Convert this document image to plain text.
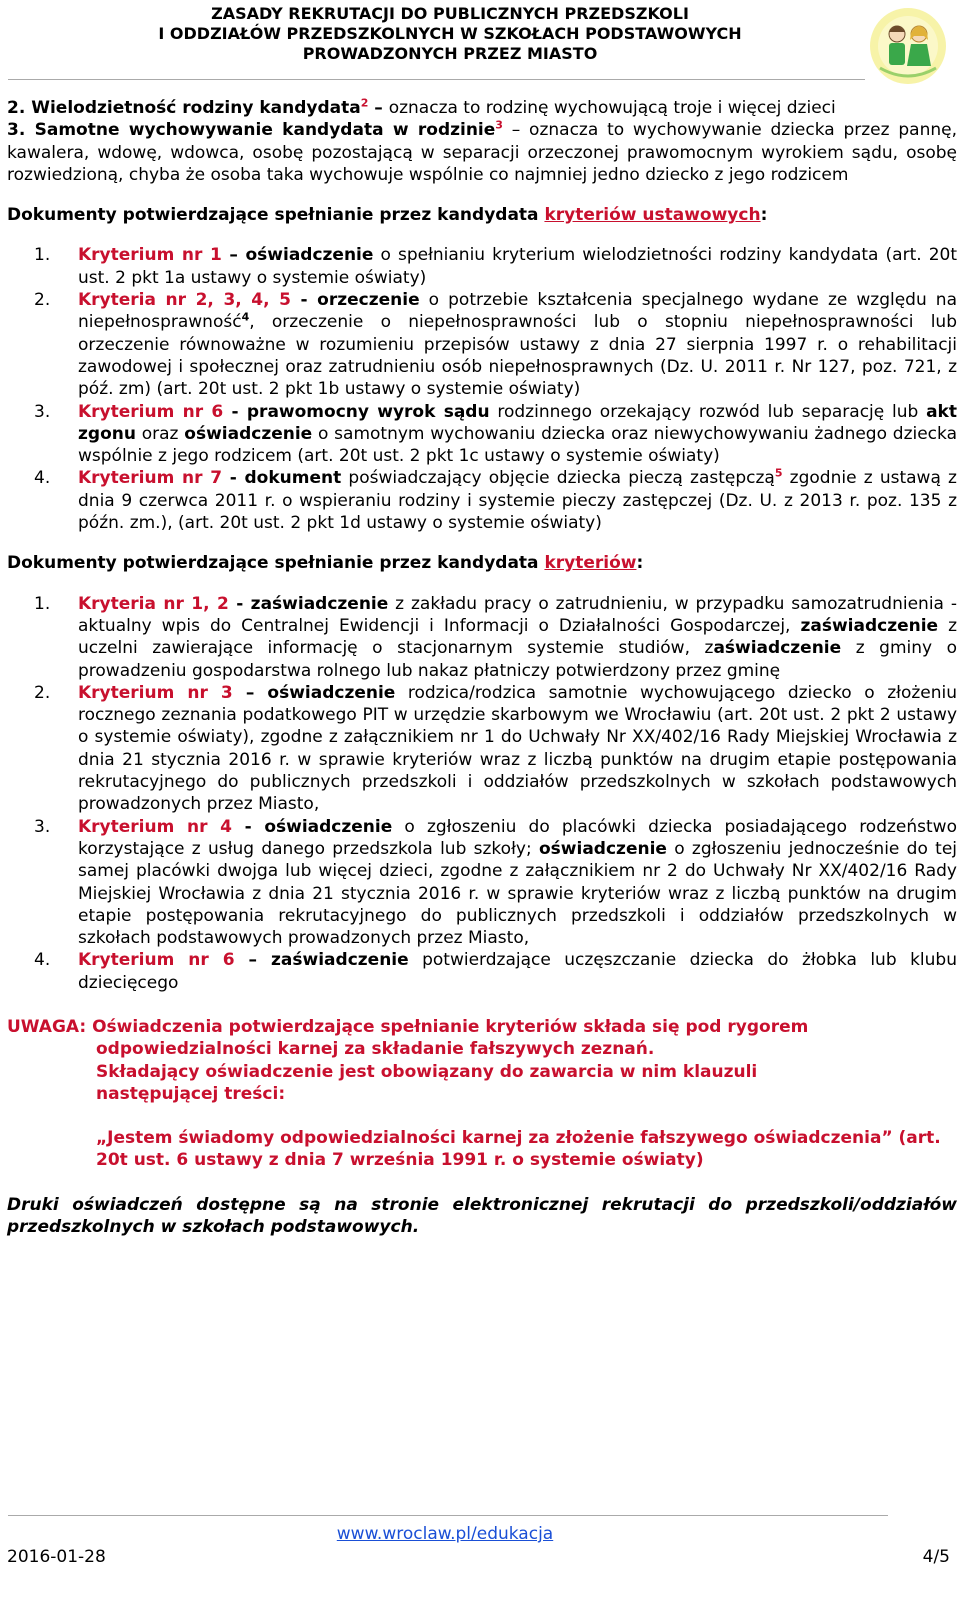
ZASADY REKRUTACJI DO PUBLICZNYCH PRZEDSZKOLI
I ODDZIAŁÓW PRZEDSZKOLNYCH W SZKOŁACH PODSTAWOWYCH
PROWADZONYCH PRZEZ MIASTO

2. Wielodzietność rodziny kandydata$^2$ – oznacza to rodzinę wychowującą troje i więcej dzieci

3. Samotne wychowywanie kandydata w rodzinie$^3$ – oznacza to wychowywanie dziecka przez pannę, kawalera, wdowę, wdowca, osobę pozostającą w separacji orzeczonej prawomocnym wyrokiem sądu, osobę rozwiedzioną, chyba że osoba taka wychowuje wspólnie co najmniej jedno dziecko z jego rodzicem

Dokumenty potwierdzające spełnianie przez kandydata kryteriów ustawowych:
1. Kryterium nr 1 – oświadczenie o spełnianiu kryterium wielodzietności rodziny kandydata (art. 20t ust. 2 pkt 1a ustawy o systemie oświaty)
2. Kryteria nr 2, 3, 4, 5 - orzeczenie o potrzebie kształcenia specjalnego wydane ze względu na niepełnosprawność$^4$, orzeczenie o niepełnosprawności lub o stopniu niepełnosprawności lub orzeczenie równoważne w rozumieniu przepisów ustawy z dnia 27 sierpnia 1997 r. o rehabilitacji zawodowej i społecznej oraz zatrudnieniu osób niepełnosprawnych (Dz. U. 2011 r. Nr 127, poz. 721, z póź. zm) (art. 20t ust. 2 pkt 1b ustawy o systemie oświaty)
3. Kryterium nr 6 - prawomocny wyrok sądu rodzinnego orzekający rozwód lub separację lub akt zgonu oraz oświadczenie o samotnym wychowaniu dziecka oraz niewychowywaniu żadnego dziecka wspólnie z jego rodzicem (art. 20t ust. 2 pkt 1c ustawy o systemie oświaty)
4. Kryterium nr 7 - dokument poświadczający objęcie dziecka pieczą zastępczą$^5$ zgodnie z ustawą z dnia 9 czerwca 2011 r. o wspieraniu rodziny i systemie pieczy zastępczej (Dz. U. z 2013 r. poz. 135 z późn. zm.), (art. 20t ust. 2 pkt 1d ustawy o systemie oświaty)
Dokumenty potwierdzające spełnianie przez kandydata kryteriów:
1. Kryteria nr 1, 2 - zaświadczenie z zakładu pracy o zatrudnieniu, w przypadku samozatrudnienia - aktualny wpis do Centralnej Ewidencji i Informacji o Działalności Gospodarczej, zaświadczenie z uczelni zawierające informację o stacjonarnym systemie studiów, zaświadczenie z gminy o prowadzeniu gospodarstwa rolnego lub nakaz płatniczy potwierdzony przez gminę
2. Kryterium nr 3 – oświadczenie rodzica/rodzica samotnie wychowującego dziecko o złożeniu rocznego zeznania podatkowego PIT w urzędzie skarbowym we Wrocławiu (art. 20t ust. 2 pkt 2 ustawy o systemie oświaty), zgodne z załącznikiem nr 1 do Uchwały Nr XX/402/16 Rady Miejskiej Wrocławia z dnia 21 stycznia 2016 r. w sprawie kryteriów wraz z liczbą punktów na drugim etapie postępowania rekrutacyjnego do publicznych przedszkoli i oddziałów przedszkolnych w szkołach podstawowych prowadzonych przez Miasto,
3. Kryterium nr 4 - oświadczenie o zgłoszeniu do placówki dziecka posiadającego rodzeństwo korzystające z usług danego przedszkola lub szkoły; oświadczenie o zgłoszeniu jednocześnie do tej samej placówki dwojga lub więcej dzieci, zgodne z załącznikiem nr 2 do Uchwały Nr XX/402/16 Rady Miejskiej Wrocławia z dnia 21 stycznia 2016 r. w sprawie kryteriów wraz z liczbą punktów na drugim etapie postępowania rekrutacyjnego do publicznych przedszkoli i oddziałów przedszkolnych w szkołach podstawowych prowadzonych przez Miasto,
4. Kryterium nr 6 – zaświadczenie potwierdzające uczęszczanie dziecka do żłobka lub klubu dziecięcego
UWAGA: Oświadczenia potwierdzające spełnianie kryteriów składa się pod rygorem
odpowiedzialności karnej za składanie fałszywych zeznań.
Składający oświadczenie jest obowiązany do zawarcia w nim klauzuli
następującej treści:
„Jestem świadomy odpowiedzialności karnej za złożenie fałszywego oświadczenia” (art. 20t ust. 6 ustawy z dnia 7 września 1991 r. o systemie oświaty)

Druki oświadczeń dostępne są na stronie elektronicznej rekrutacji do przedszkoli/oddziałów przedszkolnych w szkołach podstawowych.

www.wroclaw.pl/edukacja
2016-01-28	4/5
